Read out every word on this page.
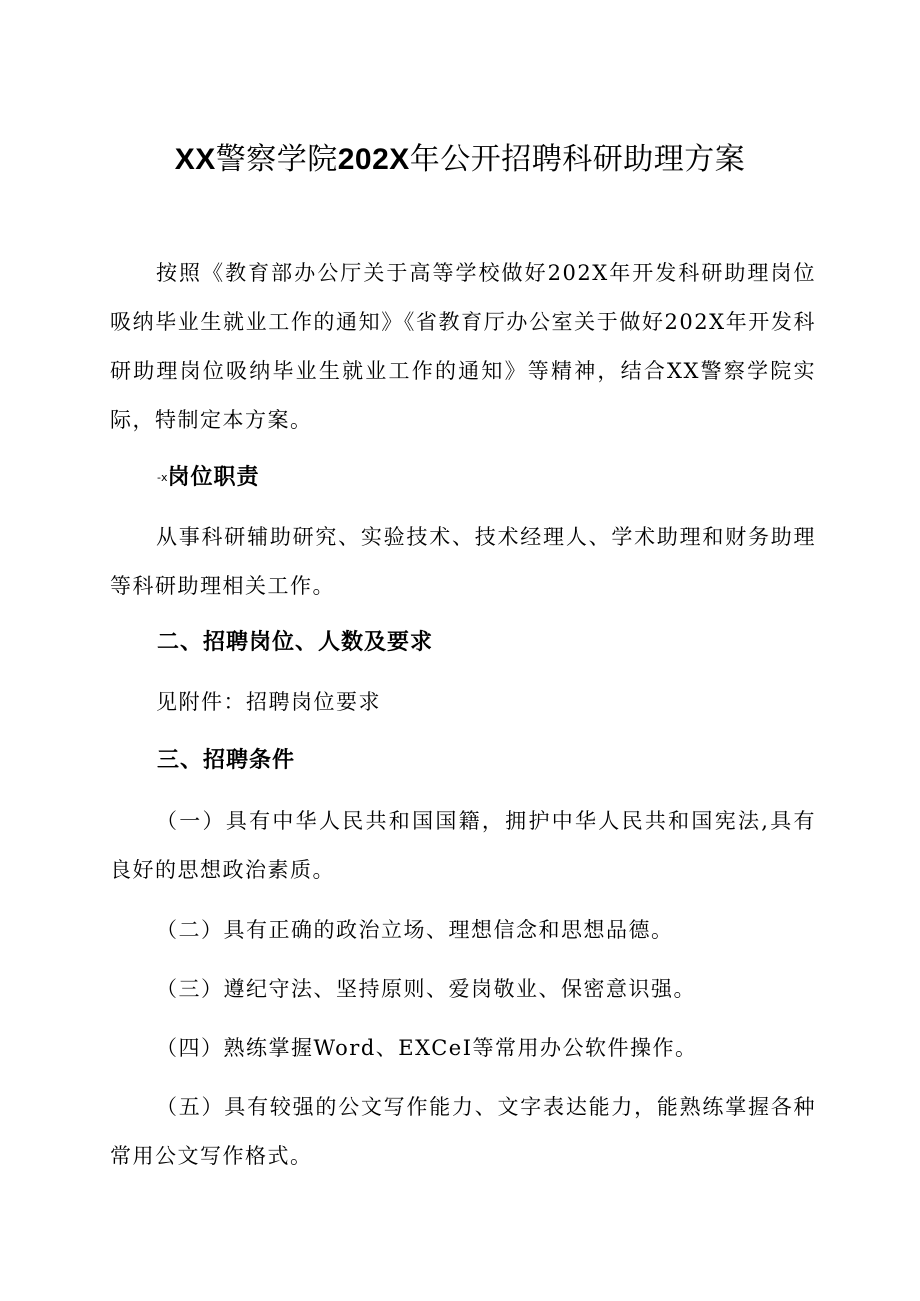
XX警察学院202X年公开招聘科研助理方案

按照《教育部办公厅关于高等学校做好202X年开发科研助理岗位吸纳毕业生就业工作的通知》《省教育厅办公室关于做好202X年开发科研助理岗位吸纳毕业生就业工作的通知》等精神，结合XX警察学院实际，特制定本方案。

-x岗位职责

从事科研辅助研究、实验技术、技术经理人、学术助理和财务助理等科研助理相关工作。

二、招聘岗位、人数及要求

见附件：招聘岗位要求

三、招聘条件

（一）具有中华人民共和国国籍，拥护中华人民共和国宪法,具有良好的思想政治素质。

（二）具有正确的政治立场、理想信念和思想品德。

（三）遵纪守法、坚持原则、爱岗敬业、保密意识强。

（四）熟练掌握Word、EXCeI等常用办公软件操作。

（五）具有较强的公文写作能力、文字表达能力，能熟练掌握各种常用公文写作格式。
